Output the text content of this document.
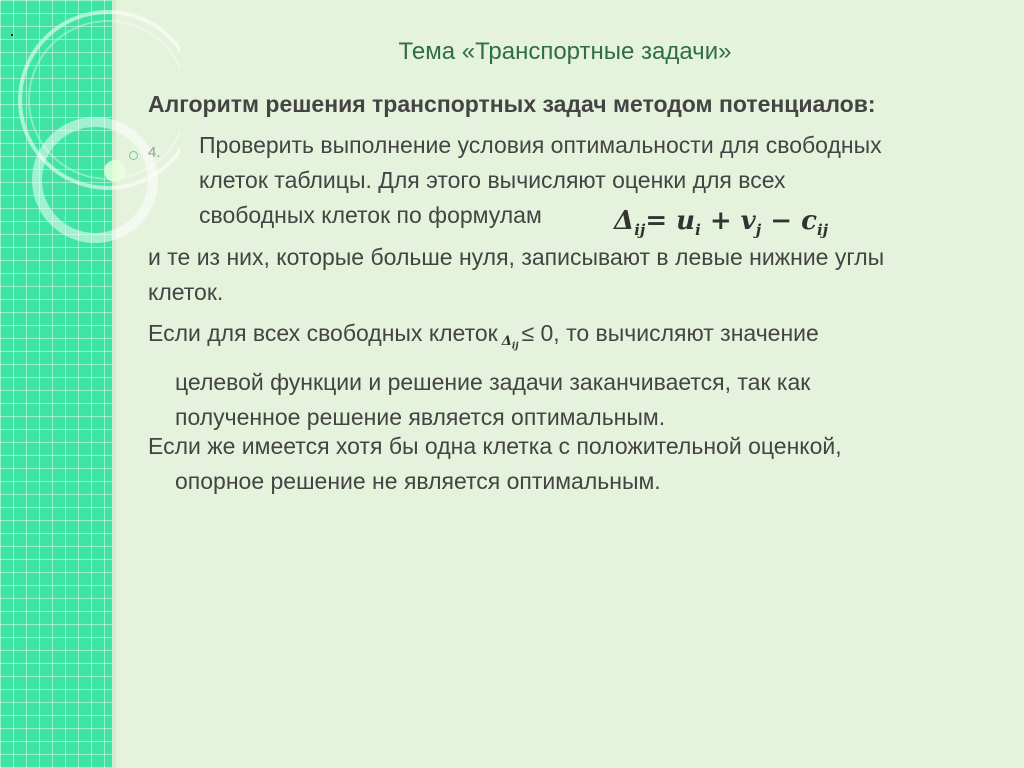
Тема «Транспортные задачи»
Алгоритм решения транспортных задач методом потенциалов:
4. Проверить выполнение условия оптимальности для свободных
клеток таблицы. Для этого вычисляют оценки для всех
свободных клеток по формулам	$\Delta_{ij}= u_i + v_j - c_{ij}$
и те из них, которые больше нуля, записывают в левые нижние углы
клеток.
Если для всех свободных клеток $\Delta_{ij}\le 0$, то вычисляют значение
целевой функции и решение задачи заканчивается, так как
полученное решение является оптимальным.
Если же имеется хотя бы одна клетка с положительной оценкой,
опорное решение не является оптимальным.
